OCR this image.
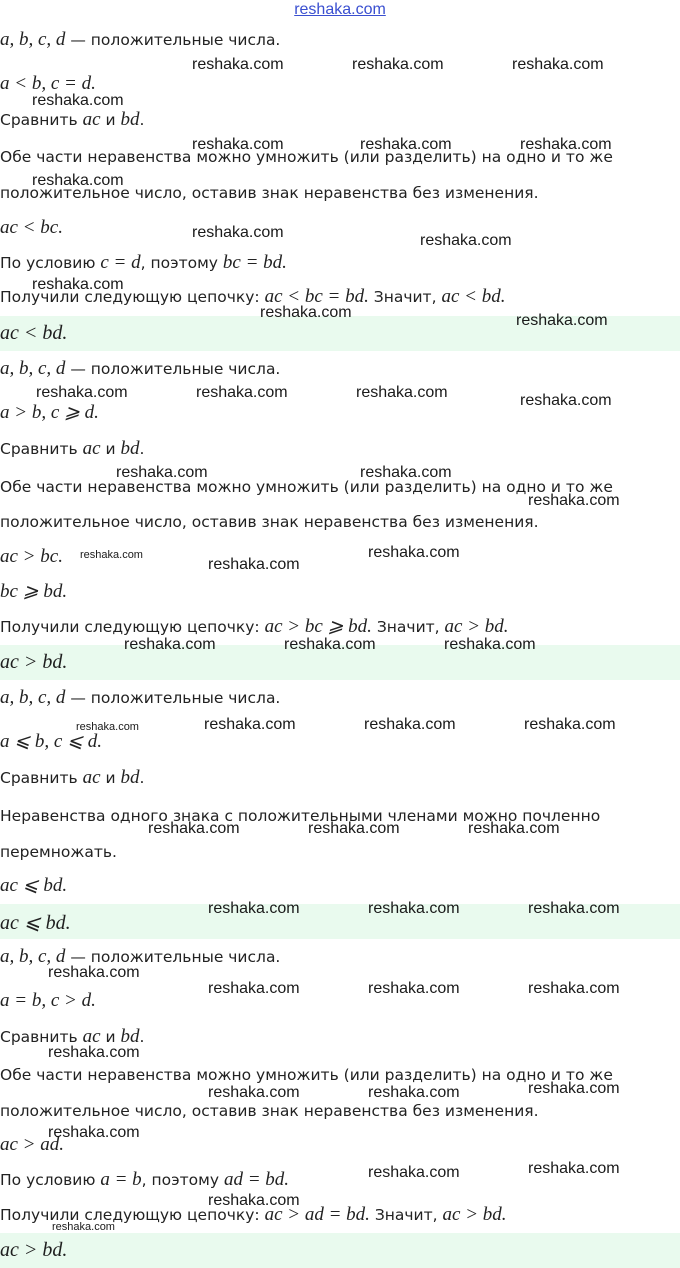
reshaka.com
a, b, c, d — положительные числа.
a < b, c = d.
Сравнить ac и bd.
Обе части неравенства можно умножить (или разделить) на одно и то же
положительное число, оставив знак неравенства без изменения.
ac < bc.
По условию c = d, поэтому bc = bd.
Получили следующую цепочку: ac < bc = bd. Значит, ac < bd.
ac < bd.
a, b, c, d — положительные числа.
a > b, c ⩾ d.
Сравнить ac и bd.
Обе части неравенства можно умножить (или разделить) на одно и то же
положительное число, оставив знак неравенства без изменения.
ac > bc.
bc ⩾ bd.
Получили следующую цепочку: ac > bc ⩾ bd. Значит, ac > bd.
ac > bd.
a, b, c, d — положительные числа.
a ⩽ b, c ⩽ d.
Сравнить ac и bd.
Неравенства одного знака с положительными членами можно почленно
перемножать.
ac ⩽ bd.
ac ⩽ bd.
a, b, c, d — положительные числа.
a = b, c > d.
Сравнить ac и bd.
Обе части неравенства можно умножить (или разделить) на одно и то же
положительное число, оставив знак неравенства без изменения.
ac > ad.
По условию a = b, поэтому ad = bd.
Получили следующую цепочку: ac > ad = bd. Значит, ac > bd.
ac > bd.
reshaka.com	reshaka.com	reshaka.com
reshaka.com
reshaka.com	reshaka.com	reshaka.com
reshaka.com
reshaka.com	reshaka.com
reshaka.com
reshaka.com	reshaka.com
reshaka.com	reshaka.com	reshaka.com	reshaka.com
reshaka.com	reshaka.com
reshaka.com
reshaka.com	reshaka.com
reshaka.com
reshaka.com	reshaka.com	reshaka.com
reshaka.com	reshaka.com	reshaka.com	reshaka.com
reshaka.com	reshaka.com	reshaka.com
reshaka.com	reshaka.com	reshaka.com
reshaka.com
reshaka.com	reshaka.com	reshaka.com
reshaka.com
reshaka.com	reshaka.com	reshaka.com
reshaka.com
reshaka.com	reshaka.com
reshaka.com
reshaka.com
